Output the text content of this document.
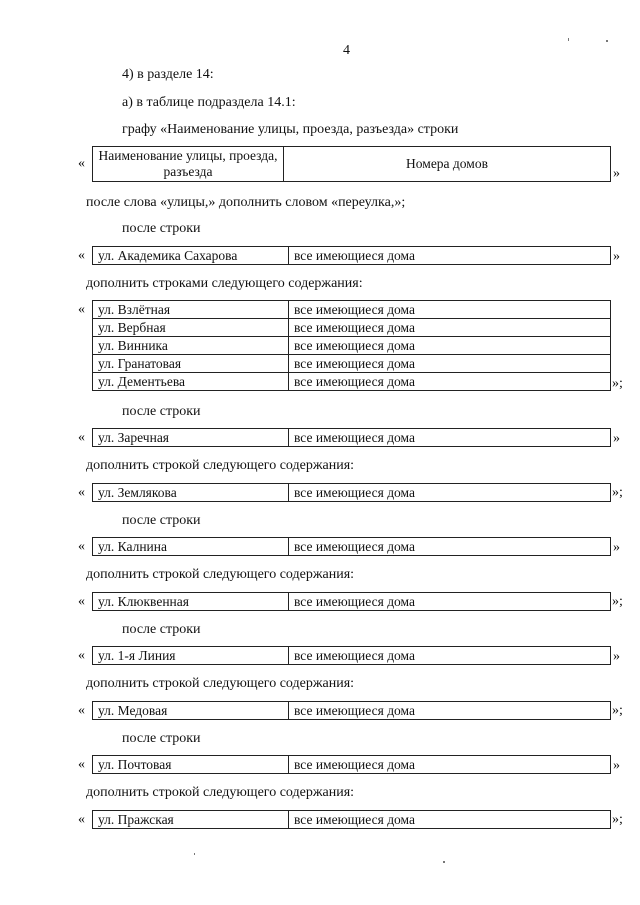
4
4) в разделе 14:
а) в таблице подраздела 14.1:
графу «Наименование улицы, проезда, разъезда» строки
«
Наименование улицы, проезда, разъезда	Номера домов
»
после слова «улицы,» дополнить словом «переулка,»;
после строки
« ул. Академика Сахарова	все имеющиеся дома	»
дополнить строками следующего содержания:
« ул. Взлётная	все имеющиеся дома
ул. Вербная	все имеющиеся дома
ул. Винника	все имеющиеся дома
ул. Гранатовая	все имеющиеся дома
ул. Дементьева	все имеющиеся дома	»;
после строки
« ул. Заречная	все имеющиеся дома	»
дополнить строкой следующего содержания:
« ул. Землякова	все имеющиеся дома	»;
после строки
« ул. Калнина	все имеющиеся дома	»
дополнить строкой следующего содержания:
« ул. Клюквенная	все имеющиеся дома	»;
после строки
« ул. 1-я Линия	все имеющиеся дома	»
дополнить строкой следующего содержания:
« ул. Медовая	все имеющиеся дома	»;
после строки
« ул. Почтовая	все имеющиеся дома	»
дополнить строкой следующего содержания:
« ул. Пражская	все имеющиеся дома	»;
